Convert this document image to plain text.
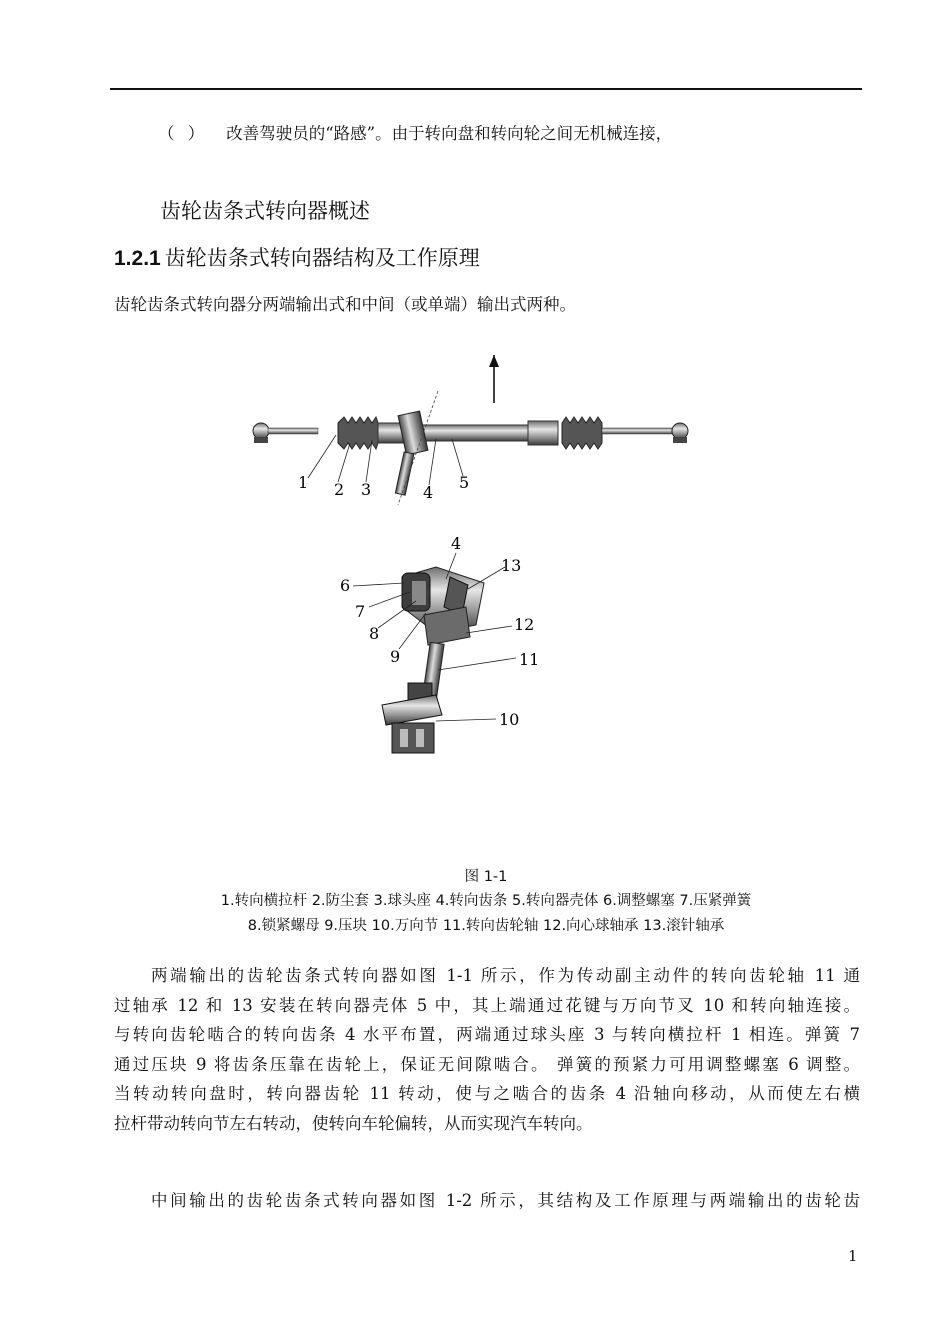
（ ） 改善驾驶员的“路感”。由于转向盘和转向轮之间无机械连接，
齿轮齿条式转向器概述
1.2.1 齿轮齿条式转向器结构及工作原理
齿轮齿条式转向器分两端输出式和中间（或单端）输出式两种。
1 2 3	4
5
4
13
6
7
8	12
9	11
10
图 1-1
1.转向横拉杆 2.防尘套 3.球头座 4.转向齿条 5.转向器壳体 6.调整螺塞 7.压紧弹簧
8.锁紧螺母 9.压块 10.万向节 11.转向齿轮轴 12.向心球轴承 13.滚针轴承
两端输出的齿轮齿条式转向器如图 1-1 所示，作为传动副主动件的转向齿轮轴 11 通
过轴承 12 和 13 安装在转向器壳体 5 中，其上端通过花键与万向节叉 10 和转向轴连接。
与转向齿轮啮合的转向齿条 4 水平布置，两端通过球头座 3 与转向横拉杆 1 相连。弹簧 7
通过压块 9 将齿条压靠在齿轮上，保证无间隙啮合。 弹簧的预紧力可用调整螺塞 6 调整。
当转动转向盘时，转向器齿轮 11 转动，使与之啮合的齿条 4 沿轴向移动，从而使左右横
拉杆带动转向节左右转动，使转向车轮偏转，从而实现汽车转向。
中间输出的齿轮齿条式转向器如图 1-2 所示，其结构及工作原理与两端输出的齿轮齿
1
